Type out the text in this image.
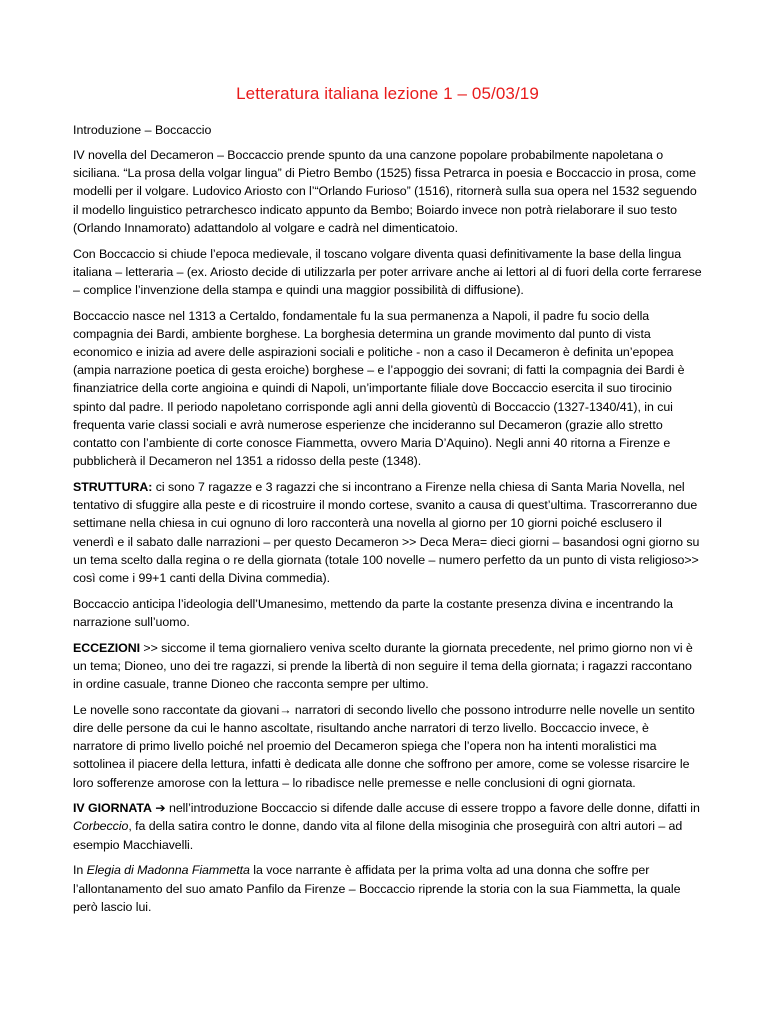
Letteratura italiana lezione 1 – 05/03/19
Introduzione – Boccaccio

IV novella del Decameron – Boccaccio prende spunto da una canzone popolare probabilmente napoletana o siciliana. “La prosa della volgar lingua” di Pietro Bembo (1525) fissa Petrarca in poesia e Boccaccio in prosa, come modelli per il volgare. Ludovico Ariosto con l’“Orlando Furioso” (1516), ritornerà sulla sua opera nel 1532 seguendo il modello linguistico petrarchesco indicato appunto da Bembo; Boiardo invece non potrà rielaborare il suo testo (Orlando Innamorato) adattandolo al volgare e cadrà nel dimenticatoio.

Con Boccaccio si chiude l’epoca medievale, il toscano volgare diventa quasi definitivamente la base della lingua italiana – letteraria – (ex. Ariosto decide di utilizzarla per poter arrivare anche ai lettori al di fuori della corte ferrarese – complice l’invenzione della stampa e quindi una maggior possibilità di diffusione).

Boccaccio nasce nel 1313 a Certaldo, fondamentale fu la sua permanenza a Napoli, il padre fu socio della compagnia dei Bardi, ambiente borghese. La borghesia determina un grande movimento dal punto di vista economico e inizia ad avere delle aspirazioni sociali e politiche - non a caso il Decameron è definita un’epopea (ampia narrazione poetica di gesta eroiche) borghese – e l’appoggio dei sovrani; di fatti la compagnia dei Bardi è finanziatrice della corte angioina e quindi di Napoli, un’importante filiale dove Boccaccio esercita il suo tirocinio spinto dal padre. Il periodo napoletano corrisponde agli anni della gioventù di Boccaccio (1327-1340/41), in cui frequenta varie classi sociali e avrà numerose esperienze che incideranno sul Decameron (grazie allo stretto contatto con l’ambiente di corte conosce Fiammetta, ovvero Maria D’Aquino). Negli anni 40 ritorna a Firenze e pubblicherà il Decameron nel 1351 a ridosso della peste (1348).

STRUTTURA: ci sono 7 ragazze e 3 ragazzi che si incontrano a Firenze nella chiesa di Santa Maria Novella, nel tentativo di sfuggire alla peste e di ricostruire il mondo cortese, svanito a causa di quest’ultima. Trascorreranno due settimane nella chiesa in cui ognuno di loro racconterà una novella al giorno per 10 giorni poiché esclusero il venerdì e il sabato dalle narrazioni – per questo Decameron >> Deca Mera= dieci giorni – basandosi ogni giorno su un tema scelto dalla regina o re della giornata (totale 100 novelle – numero perfetto da un punto di vista religioso>> così come i 99+1 canti della Divina commedia).

Boccaccio anticipa l’ideologia dell’Umanesimo, mettendo da parte la costante presenza divina e incentrando la narrazione sull’uomo.

ECCEZIONI >> siccome il tema giornaliero veniva scelto durante la giornata precedente, nel primo giorno non vi è un tema; Dioneo, uno dei tre ragazzi, si prende la libertà di non seguire il tema della giornata; i ragazzi raccontano in ordine casuale, tranne Dioneo che racconta sempre per ultimo.

Le novelle sono raccontate da giovani→ narratori di secondo livello che possono introdurre nelle novelle un sentito dire delle persone da cui le hanno ascoltate, risultando anche narratori di terzo livello. Boccaccio invece, è narratore di primo livello poiché nel proemio del Decameron spiega che l’opera non ha intenti moralistici ma sottolinea il piacere della lettura, infatti è dedicata alle donne che soffrono per amore, come se volesse risarcire le loro sofferenze amorose con la lettura – lo ribadisce nelle premesse e nelle conclusioni di ogni giornata.

IV GIORNATA ➔ nell’introduzione Boccaccio si difende dalle accuse di essere troppo a favore delle donne, difatti in Corbeccio, fa della satira contro le donne, dando vita al filone della misoginia che proseguirà con altri autori – ad esempio Macchiavelli.

In Elegia di Madonna Fiammetta la voce narrante è affidata per la prima volta ad una donna che soffre per l’allontanamento del suo amato Panfilo da Firenze – Boccaccio riprende la storia con la sua Fiammetta, la quale però lascio lui.
